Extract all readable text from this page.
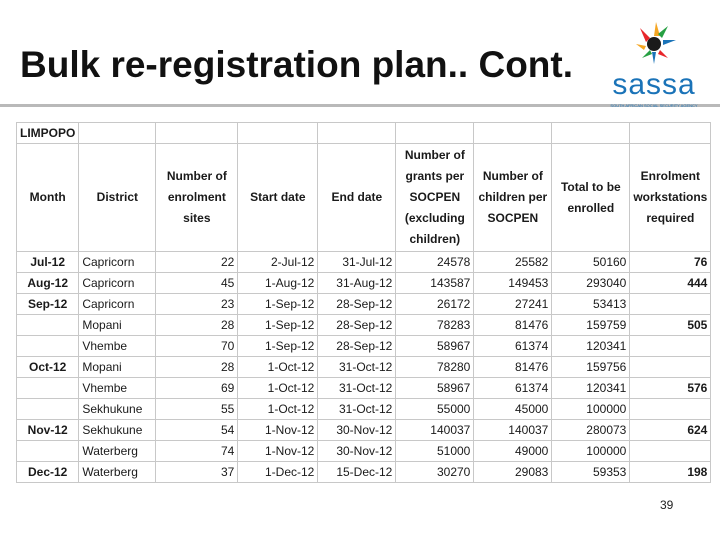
Bulk re-registration plan.. Cont. sassa
SOUTH AFRICAN SOCIAL SECURITY AGENCY
LIMPOPO								
Month	District	Number of enrolment sites	Start date	End date	Number of grants per SOCPEN (excluding children)	Number of children per SOCPEN	Total to be enrolled	Enrolment workstations required
Jul-12	Capricorn	22	2-Jul-12	31-Jul-12	24578	25582	50160	76
Aug-12	Capricorn	45	1-Aug-12	31-Aug-12	143587	149453	293040	444
Sep-12	Capricorn	23	1-Sep-12	28-Sep-12	26172	27241	53413	
	Mopani	28	1-Sep-12	28-Sep-12	78283	81476	159759	505
	Vhembe	70	1-Sep-12	28-Sep-12	58967	61374	120341	
Oct-12	Mopani	28	1-Oct-12	31-Oct-12	78280	81476	159756	
	Vhembe	69	1-Oct-12	31-Oct-12	58967	61374	120341	576
	Sekhukune	55	1-Oct-12	31-Oct-12	55000	45000	100000	
Nov-12	Sekhukune	54	1-Nov-12	30-Nov-12	140037	140037	280073	624
	Waterberg	74	1-Nov-12	30-Nov-12	51000	49000	100000	
Dec-12	Waterberg	37	1-Dec-12	15-Dec-12	30270	29083	59353	198
39
